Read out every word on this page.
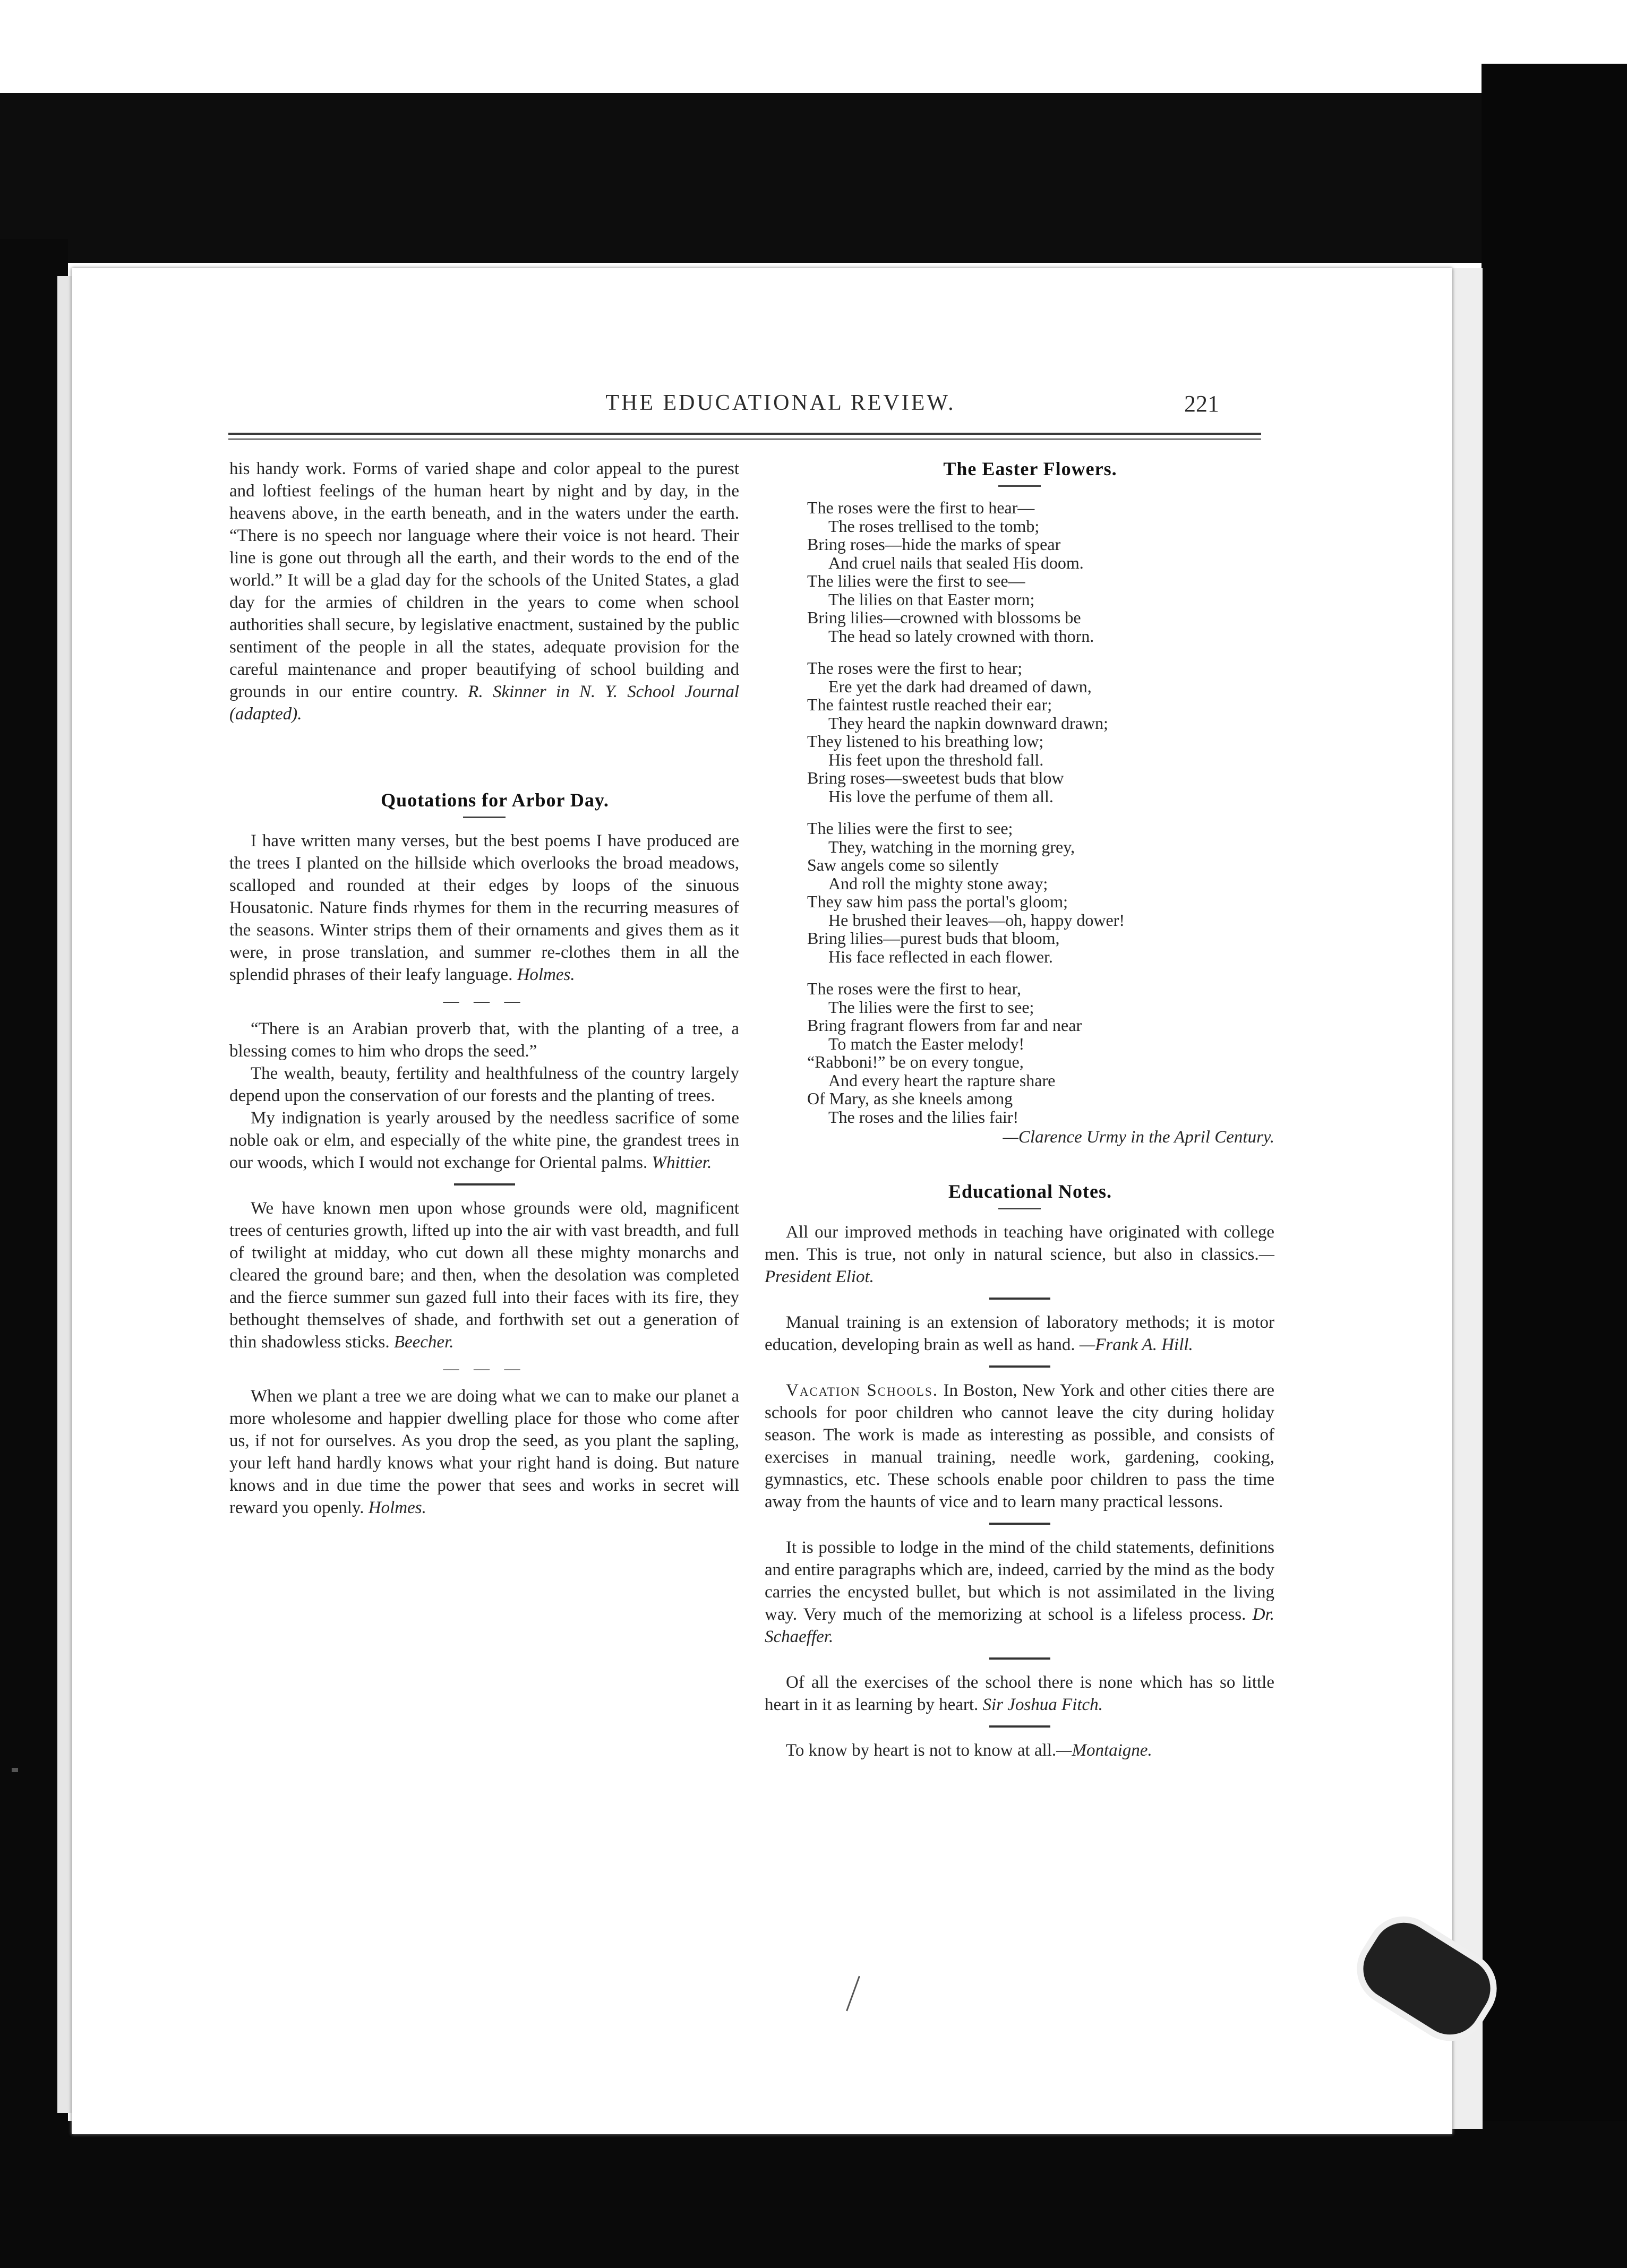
THE EDUCATIONAL REVIEW.	221

his handy work. Forms of varied shape and color appeal to the purest and loftiest feelings of the human heart by night and by day, in the heavens above, in the earth beneath, and in the waters under the earth. “There is no speech nor language where their voice is not heard. Their line is gone out through all the earth, and their words to the end of the world.” It will be a glad day for the schools of the United States, a glad day for the armies of children in the years to come when school authorities shall secure, by legislative enactment, sustained by the public sentiment of the people in all the states, adequate provision for the careful maintenance and proper beautifying of school building and grounds in our entire country. R. Skinner in N. Y. School Journal (adapted).

Quotations for Arbor Day.

I have written many verses, but the best poems I have produced are the trees I planted on the hillside which overlooks the broad meadows, scalloped and rounded at their edges by loops of the sinuous Housatonic. Nature finds rhymes for them in the recurring measures of the seasons. Winter strips them of their ornaments and gives them as it were, in prose translation, and summer re-clothes them in all the splendid phrases of their leafy language. Holmes.

— — —

“There is an Arabian proverb that, with the planting of a tree, a blessing comes to him who drops the seed.”

The wealth, beauty, fertility and healthfulness of the country largely depend upon the conservation of our forests and the planting of trees.

My indignation is yearly aroused by the needless sacrifice of some noble oak or elm, and especially of the white pine, the grandest trees in our woods, which I would not exchange for Oriental palms. Whittier.

We have known men upon whose grounds were old, magnificent trees of centuries growth, lifted up into the air with vast breadth, and full of twilight at midday, who cut down all these mighty monarchs and cleared the ground bare; and then, when the desolation was completed and the fierce summer sun gazed full into their faces with its fire, they bethought themselves of shade, and forthwith set out a generation of thin shadowless sticks. Beecher.

— — —

When we plant a tree we are doing what we can to make our planet a more wholesome and happier dwelling place for those who come after us, if not for ourselves. As you drop the seed, as you plant the sapling, your left hand hardly knows what your right hand is doing. But nature knows and in due time the power that sees and works in secret will reward you openly. Holmes.

The Easter Flowers.

The roses were the first to hear—
The roses trellised to the tomb;
Bring roses—hide the marks of spear
And cruel nails that sealed His doom.
The lilies were the first to see—
The lilies on that Easter morn;
Bring lilies—crowned with blossoms be
The head so lately crowned with thorn.
The roses were the first to hear;
Ere yet the dark had dreamed of dawn,
The faintest rustle reached their ear;
They heard the napkin downward drawn;
They listened to his breathing low;
His feet upon the threshold fall.
Bring roses—sweetest buds that blow
His love the perfume of them all.
The lilies were the first to see;
They, watching in the morning grey,
Saw angels come so silently
And roll the mighty stone away;
They saw him pass the portal's gloom;
He brushed their leaves—oh, happy dower!
Bring lilies—purest buds that bloom,
His face reflected in each flower.
The roses were the first to hear,
The lilies were the first to see;
Bring fragrant flowers from far and near
To match the Easter melody!
“Rabboni!” be on every tongue,
And every heart the rapture share
Of Mary, as she kneels among
The roses and the lilies fair!
—Clarence Urmy in the April Century.

Educational Notes.

All our improved methods in teaching have originated with college men. This is true, not only in natural science, but also in classics.—President Eliot.

Manual training is an extension of laboratory methods; it is motor education, developing brain as well as hand. —Frank A. Hill.

Vacation Schools. In Boston, New York and other cities there are schools for poor children who cannot leave the city during holiday season. The work is made as interesting as possible, and consists of exercises in manual training, needle work, gardening, cooking, gymnastics, etc. These schools enable poor children to pass the time away from the haunts of vice and to learn many practical lessons.

It is possible to lodge in the mind of the child statements, definitions and entire paragraphs which are, indeed, carried by the mind as the body carries the encysted bullet, but which is not assimilated in the living way. Very much of the memorizing at school is a lifeless process. Dr. Schaeffer.

Of all the exercises of the school there is none which has so little heart in it as learning by heart. Sir Joshua Fitch.

To know by heart is not to know at all.—Montaigne.
